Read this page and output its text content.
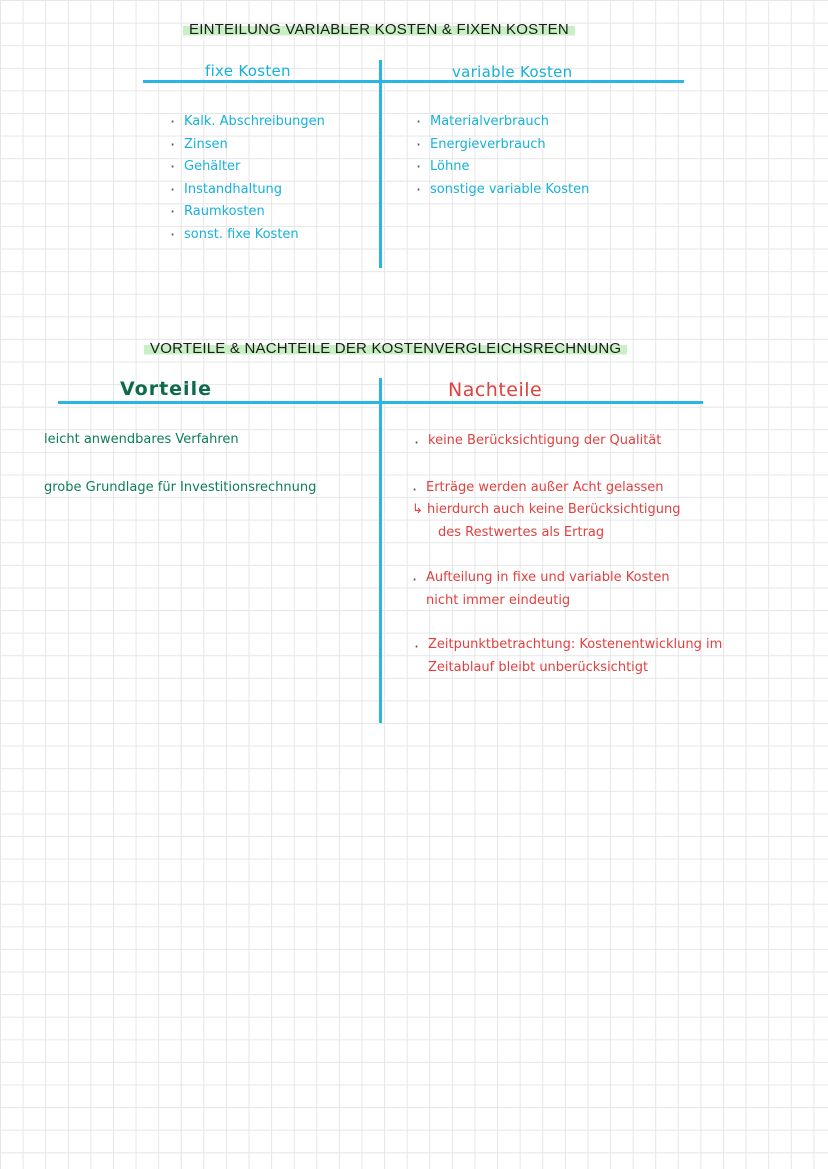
EINTEILUNG VARIABLER KOSTEN & FIXEN KOSTEN
fixe Kosten	variable Kosten
· Kalk. Abschreibungen
· Zinsen
· Gehälter
· Instandhaltung
· Raumkosten
· sonst. fixe Kosten
· Materialverbrauch
· Energieverbrauch
· Löhne
· sonstige variable Kosten
VORTEILE & NACHTEILE DER KOSTENVERGLEICHSRECHNUNG
Vorteile	Nachteile
leicht anwendbares Verfahren
grobe Grundlage für Investitionsrechnung
· keine Berücksichtigung der Qualität
· Erträge werden außer Acht gelassen
↳ hierdurch auch keine Berücksichtigung
des Restwertes als Ertrag
· Aufteilung in fixe und variable Kosten
nicht immer eindeutig
· Zeitpunktbetrachtung: Kostenentwicklung im
Zeitablauf bleibt unberücksichtigt
